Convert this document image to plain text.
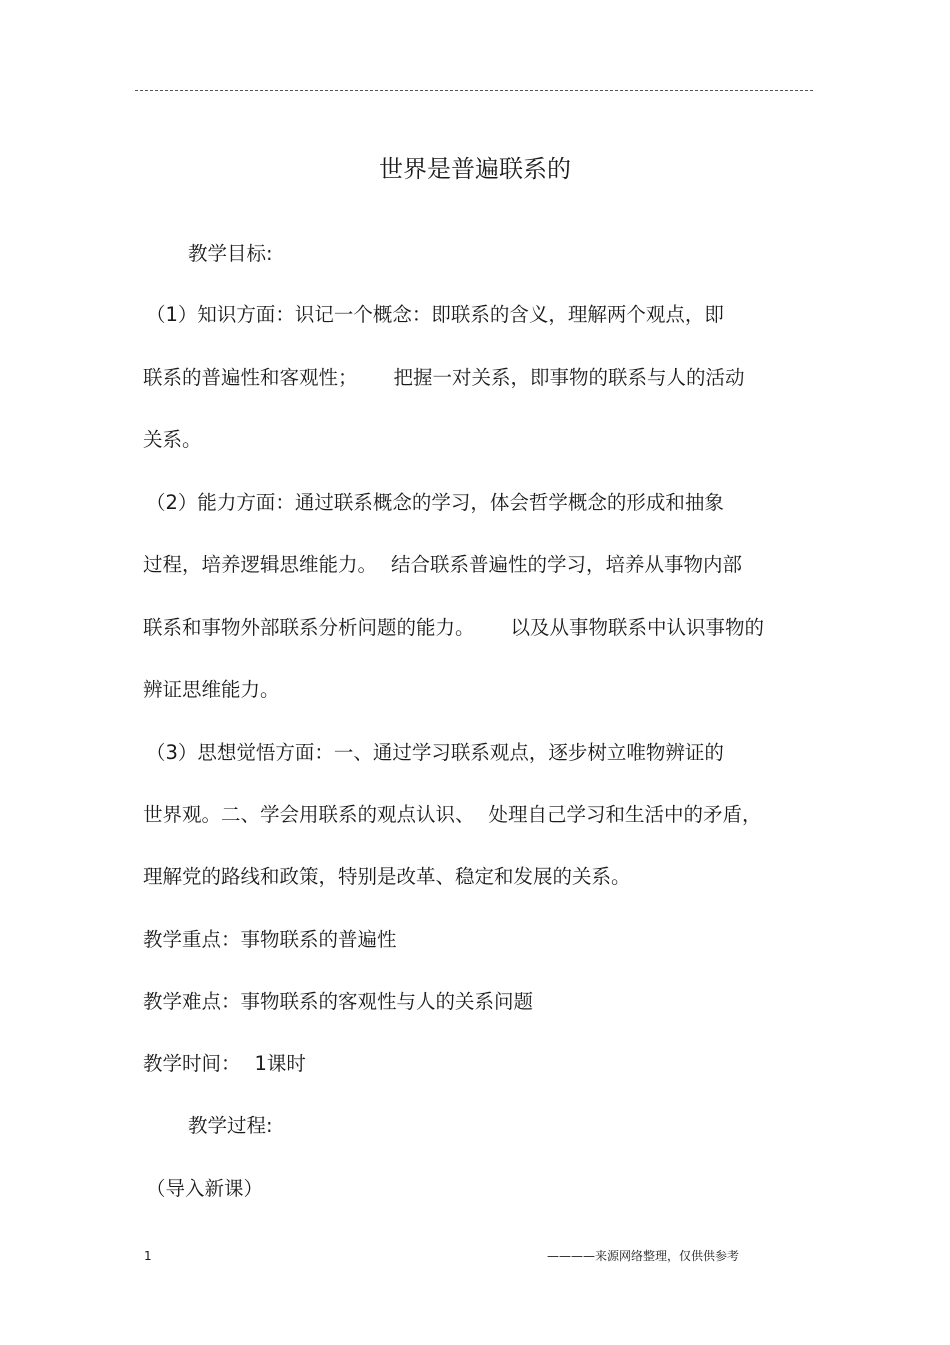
世界是普遍联系的
教学目标:
（1）知识方面：识记一个概念：即联系的含义，理解两个观点，即
联系的普遍性和客观性； 把握一对关系，即事物的联系与人的活动
关系。
（2）能力方面：通过联系概念的学习，体会哲学概念的形成和抽象
过程，培养逻辑思维能力。 结合联系普遍性的学习，培养从事物内部
联系和事物外部联系分析问题的能力。 以及从事物联系中认识事物的
辨证思维能力。
（3）思想觉悟方面：一、通过学习联系观点，逐步树立唯物辨证的
世界观。二、学会用联系的观点认识、 处理自己学习和生活中的矛盾，
理解党的路线和政策，特别是改革、稳定和发展的关系。
教学重点：事物联系的普遍性
教学难点：事物联系的客观性与人的关系问题
教学时间： 1课时
教学过程:
（导入新课）
1	————来源网络整理，仅供供参考
